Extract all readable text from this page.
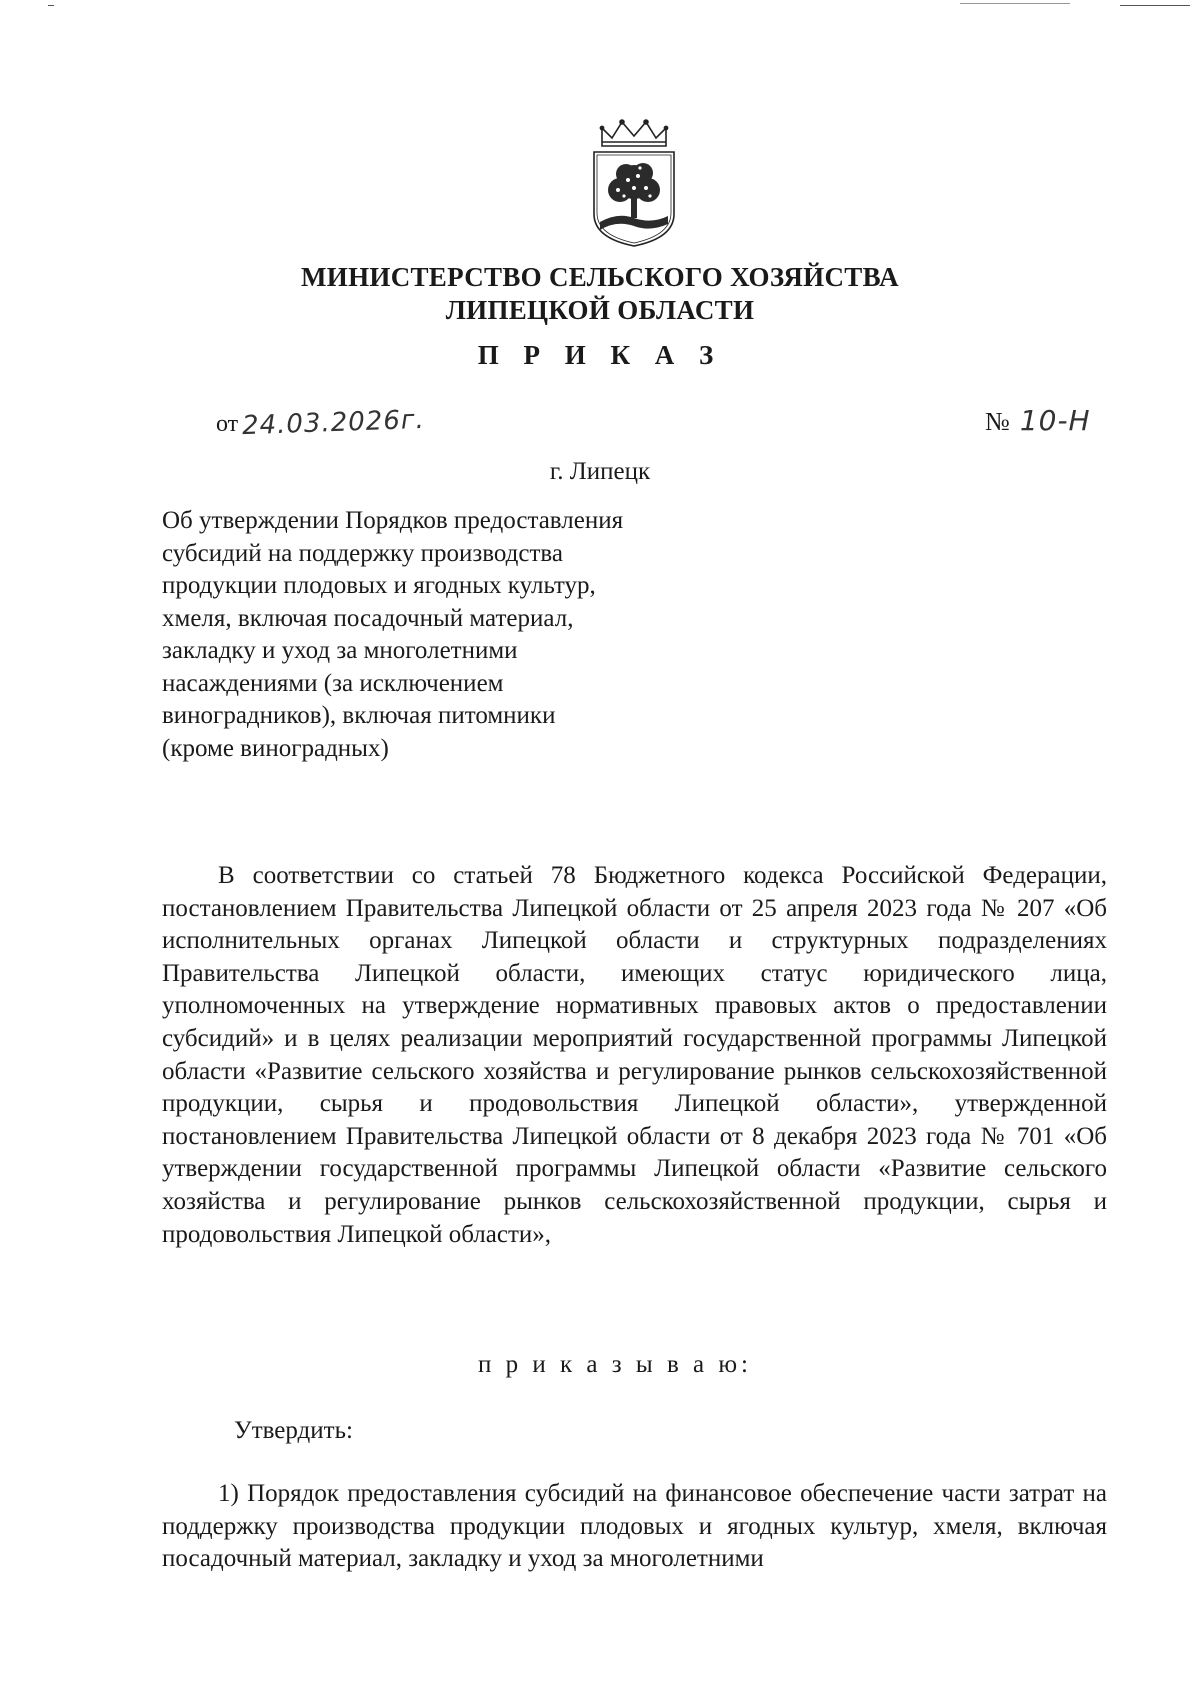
МИНИСТЕРСТВО СЕЛЬСКОГО ХОЗЯЙСТВА
ЛИПЕЦКОЙ ОБЛАСТИ
П Р И К А З
от 24.03.2026г.	№ 10-Н
г. Липецк
Об утверждении Порядков предоставления
субсидий на поддержку производства
продукции плодовых и ягодных культур,
хмеля, включая посадочный материал,
закладку и уход за многолетними
насаждениями (за исключением
виноградников), включая питомники
(кроме виноградных)
В соответствии со статьей 78 Бюджетного кодекса Российской Федерации, постановлением Правительства Липецкой области от 25 апреля 2023 года № 207 «Об исполнительных органах Липецкой области и структурных подразделениях Правительства Липецкой области, имеющих статус юридического лица, уполномоченных на утверждение нормативных правовых актов о предоставлении субсидий» и в целях реализации мероприятий государственной программы Липецкой области «Развитие сельского хозяйства и регулирование рынков сельскохозяйственной продукции, сырья и продовольствия Липецкой области», утвержденной постановлением Правительства Липецкой области от 8 декабря 2023 года № 701 «Об утверждении государственной программы Липецкой области «Развитие сельского хозяйства и регулирование рынков сельскохозяйственной продукции, сырья и продовольствия Липецкой области»,
п р и к а з ы в а ю:
Утвердить:
1) Порядок предоставления субсидий на финансовое обеспечение части затрат на поддержку производства продукции плодовых и ягодных культур, хмеля, включая посадочный материал, закладку и уход за многолетними
